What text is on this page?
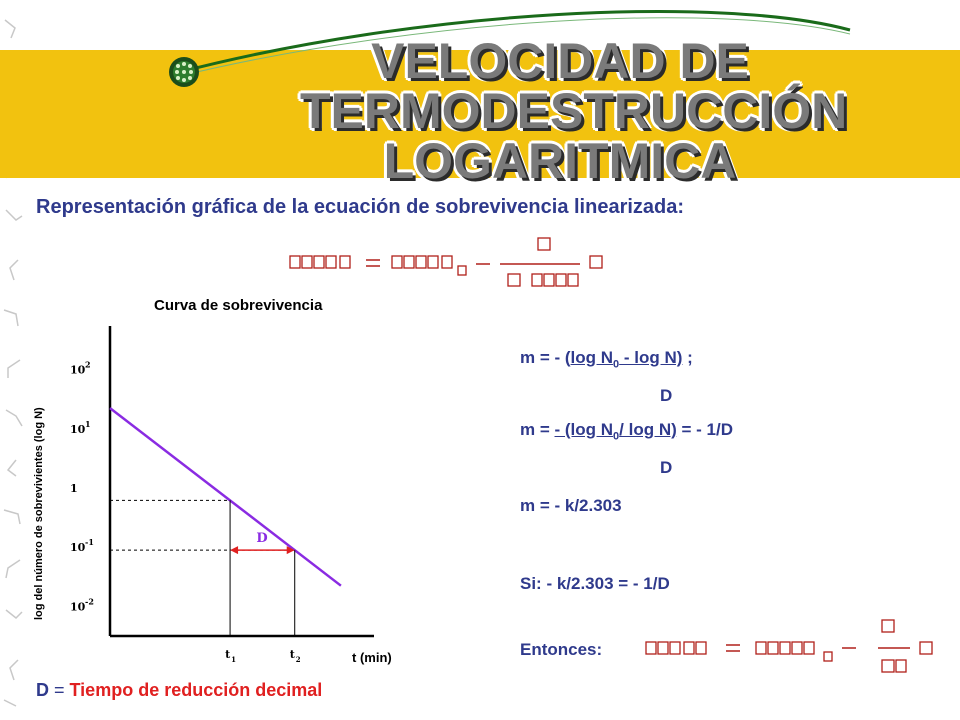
VELOCIDAD DE
TERMODESTRUCCIÓN
LOGARITMICA
Representación gráfica de la ecuación de sobrevivencia linearizada:
Curva de sobrevivencia
log del número de sobrevivientes (log N)
t (min)
10 2
10 1
1
10 -1
10 -2
t 1	t 2
D
m = - (log $N_0$ - log N) ;
D
m = - (log $N_0/$ log N) = - 1/D
D
m = - k/2.303
Si: - k/2.303 = - 1/D
Entonces:
D = Tiempo de reducción decimal
